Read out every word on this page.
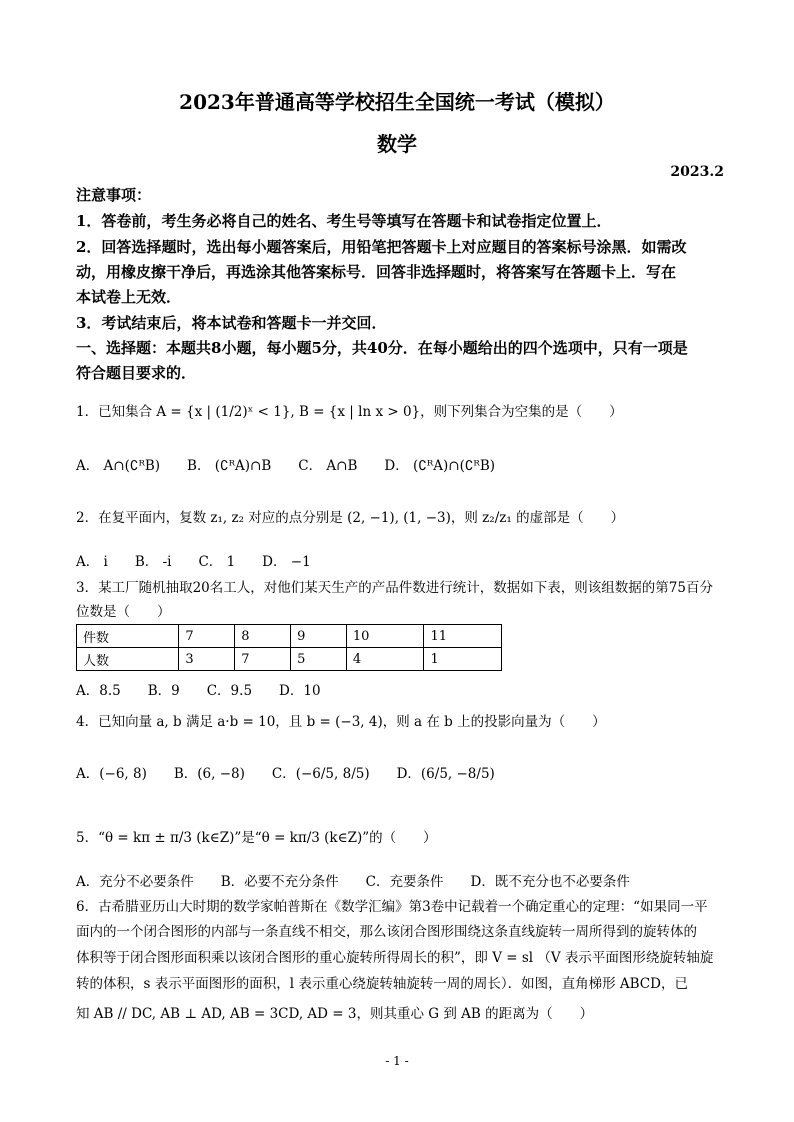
2023年普通高等学校招生全国统一考试（模拟）
数学
2023.2
注意事项：
1．答卷前，考生务必将自己的姓名、考生号等填写在答题卡和试卷指定位置上．
2．回答选择题时，选出每小题答案后，用铅笔把答题卡上对应题目的答案标号涂黑．如需改
动，用橡皮擦干净后，再选涂其他答案标号．回答非选择题时，将答案写在答题卡上．写在
本试卷上无效．
3．考试结束后，将本试卷和答题卡一并交回．
一、选择题：本题共8小题，每小题5分，共40分．在每小题给出的四个选项中，只有一项是
符合题目要求的．
1．已知集合 A = {x | (1/2)ˣ < 1}, B = {x | ln x > 0}，则下列集合为空集的是（　　）
A． A∩(∁ᴿB)　　B． (∁ᴿA)∩B　　C． A∩B　　D． (∁ᴿA)∩(∁ᴿB)
2．在复平面内，复数 z₁, z₂ 对应的点分别是 (2, −1), (1, −3)，则 z₂/z₁ 的虚部是（　　）
A． i　　B． -i　　C． 1　　D． −1
3．某工厂随机抽取20名工人，对他们某天生产的产品件数进行统计，数据如下表，则该组数据的第75百分
位数是（　　）
件数	7	8	9	10	11
人数	3	7	5	4	1
A．8.5　　B．9　　C．9.5　　D．10
4．已知向量 a, b 满足 a·b = 10，且 b = (−3, 4)，则 a 在 b 上的投影向量为（　　）
A．(−6, 8)　　B．(6, −8)　　C．(−6/5, 8/5)　　D．(6/5, −8/5)
5．“θ = kπ ± π/3 (k∈Z)”是“θ = kπ/3 (k∈Z)”的（　　）
A．充分不必要条件　　B．必要不充分条件　　C．充要条件　　D．既不充分也不必要条件
6．古希腊亚历山大时期的数学家帕普斯在《数学汇编》第3卷中记载着一个确定重心的定理：“如果同一平
面内的一个闭合图形的内部与一条直线不相交，那么该闭合图形围绕这条直线旋转一周所得到的旋转体的
体积等于闭合图形面积乘以该闭合图形的重心旋转所得周长的积”，即 V = sl （V 表示平面图形绕旋转轴旋
转的体积，s 表示平面图形的面积，l 表示重心绕旋转轴旋转一周的周长）．如图，直角梯形 ABCD，已
知 AB // DC, AB ⊥ AD, AB = 3CD, AD = 3，则其重心 G 到 AB 的距离为（　　）
- 1 -
